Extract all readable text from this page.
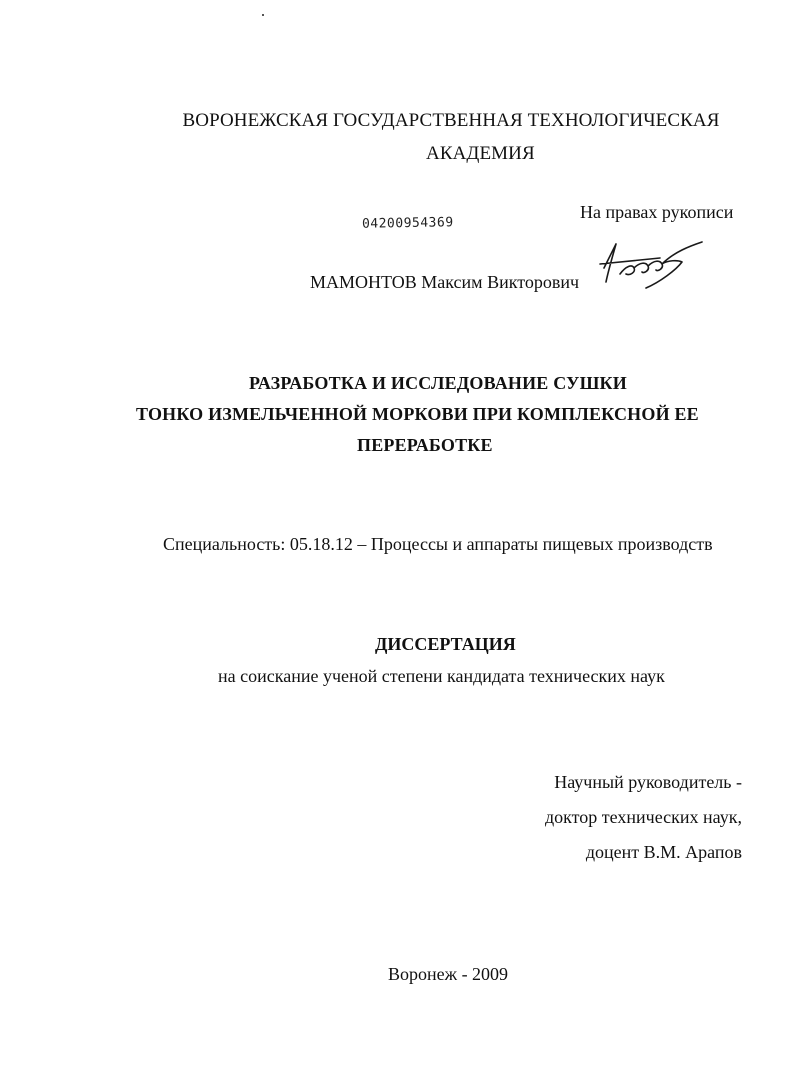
ВОРОНЕЖСКАЯ ГОСУДАРСТВЕННАЯ ТЕХНОЛОГИЧЕСКАЯ
АКАДЕМИЯ
На правах рукописи
04200954369
МАМОНТОВ Максим Викторович
РАЗРАБОТКА И ИССЛЕДОВАНИЕ СУШКИ
ТОНКО ИЗМЕЛЬЧЕННОЙ МОРКОВИ ПРИ КОМПЛЕКСНОЙ ЕЕ
ПЕРЕРАБОТКЕ
Специальность: 05.18.12 – Процессы и аппараты пищевых производств
ДИССЕРТАЦИЯ
на соискание ученой степени кандидата технических наук
Научный руководитель -
доктор технических наук,
доцент В.М. Арапов
Воронеж - 2009
